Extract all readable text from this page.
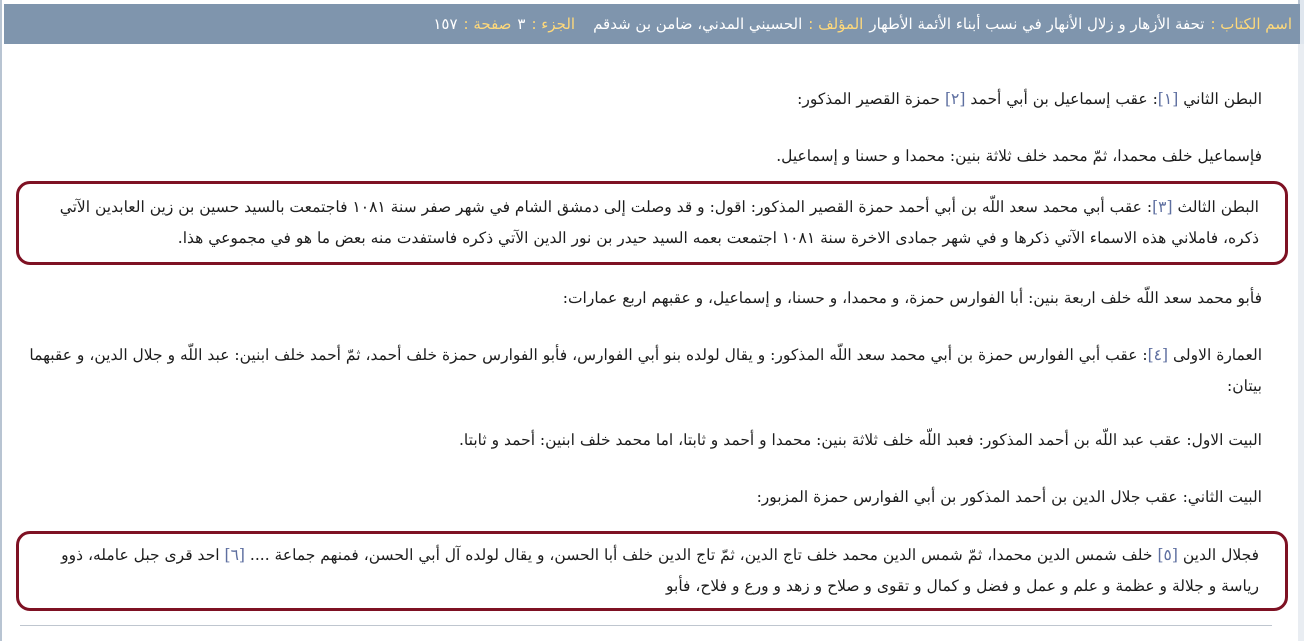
اسم الكتاب :
تحفة الأزهار و زلال الأنهار في نسب أبناء الأئمة الأطهار
المؤلف :
الحسيني المدني، ضامن بن شدقم
الجزء :
٣
صفحة :
١٥٧

البطن الثاني [١]: عقب إسماعيل بن أبي أحمد [٢] حمزة القصير المذكور:

فإسماعيل خلف محمدا، ثمّ محمد خلف ثلاثة بنين: محمدا و حسنا و إسماعيل.

البطن الثالث [٣]: عقب أبي محمد سعد اللّه بن أبي أحمد حمزة القصير المذكور: اقول: و قد وصلت إلى دمشق الشام في شهر صفر سنة ١٠٨١ فاجتمعت بالسيد حسين بن زين العابدين الآتي ذكره، فاملاني هذه الاسماء الآتي ذكرها و في شهر جمادى الاخرة سنة ١٠٨١ اجتمعت بعمه السيد حيدر بن نور الدين الآتي ذكره فاستفدت منه بعض ما هو في مجموعي هذا.

فأبو محمد سعد اللّه خلف اربعة بنين: أبا الفوارس حمزة، و محمدا، و حسنا، و إسماعيل، و عقبهم اربع عمارات:

العمارة الاولى [٤]: عقب أبي الفوارس حمزة بن أبي محمد سعد اللّه المذكور: و يقال لولده بنو أبي الفوارس، فأبو الفوارس حمزة خلف أحمد، ثمّ أحمد خلف ابنين: عبد اللّه و جلال الدين، و عقبهما بيتان:

البيت الاول: عقب عبد اللّه بن أحمد المذكور: فعبد اللّه خلف ثلاثة بنين: محمدا و أحمد و ثابتا، اما محمد خلف ابنين: أحمد و ثابتا.

البيت الثاني: عقب جلال الدين بن أحمد المذكور بن أبي الفوارس حمزة المزبور:

فجلال الدين [٥] خلف شمس الدين محمدا، ثمّ شمس الدين محمد خلف تاج الدين، ثمّ تاج الدين خلف أبا الحسن، و يقال لولده آل أبي الحسن، فمنهم جماعة .... [٦] احد قرى جبل عامله، ذوو رياسة و جلالة و عظمة و علم و عمل و فضل و كمال و تقوى و صلاح و زهد و ورع و فلاح، فأبو
